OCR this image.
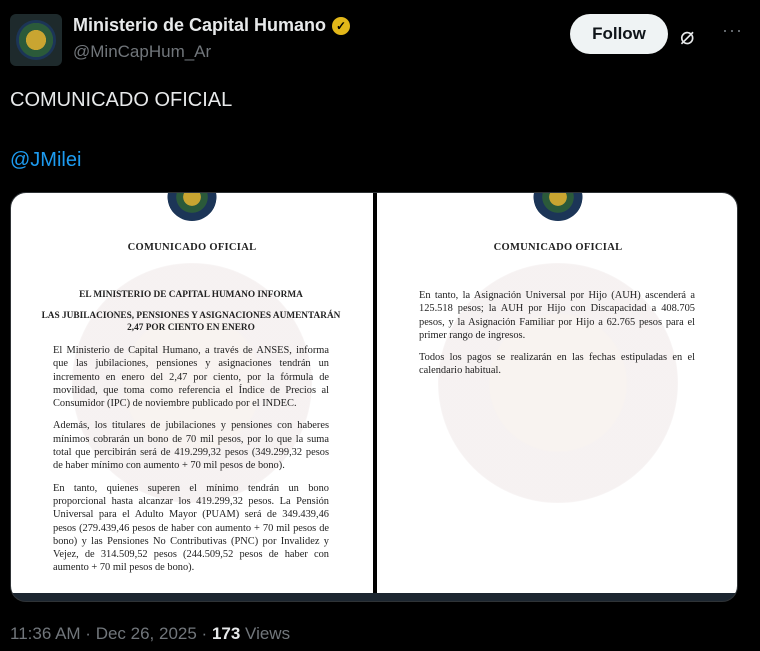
Ministerio de Capital Humano ✓
@MinCapHum_Ar
Follow	⌀ ···
COMUNICADO OFICIAL
@JMilei
COMUNICADO OFICIAL
EL MINISTERIO DE CAPITAL HUMANO INFORMA
LAS JUBILACIONES, PENSIONES Y ASIGNACIONES AUMENTARÁN 2,47 POR CIENTO EN ENERO

El Ministerio de Capital Humano, a través de ANSES, informa que las jubilaciones, pensiones y asignaciones tendrán un incremento en enero del 2,47 por ciento, por la fórmula de movilidad, que toma como referencia el Índice de Precios al Consumidor (IPC) de noviembre publicado por el INDEC.

Además, los titulares de jubilaciones y pensiones con haberes mínimos cobrarán un bono de 70 mil pesos, por lo que la suma total que percibirán será de 419.299,32 pesos (349.299,32 pesos de haber mínimo con aumento + 70 mil pesos de bono).

En tanto, quienes superen el mínimo tendrán un bono proporcional hasta alcanzar los 419.299,32 pesos. La Pensión Universal para el Adulto Mayor (PUAM) será de 349.439,46 pesos (279.439,46 pesos de haber con aumento + 70 mil pesos de bono) y las Pensiones No Contributivas (PNC) por Invalidez y Vejez, de 314.509,52 pesos (244.509,52 pesos de haber con aumento + 70 mil pesos de bono).

COMUNICADO OFICIAL

En tanto, la Asignación Universal por Hijo (AUH) ascenderá a 125.518 pesos; la AUH por Hijo con Discapacidad a 408.705 pesos, y la Asignación Familiar por Hijo a 62.765 pesos para el primer rango de ingresos.

Todos los pagos se realizarán en las fechas estipuladas en el calendario habitual.

11:36 AM · Dec 26, 2025 · 173 Views
